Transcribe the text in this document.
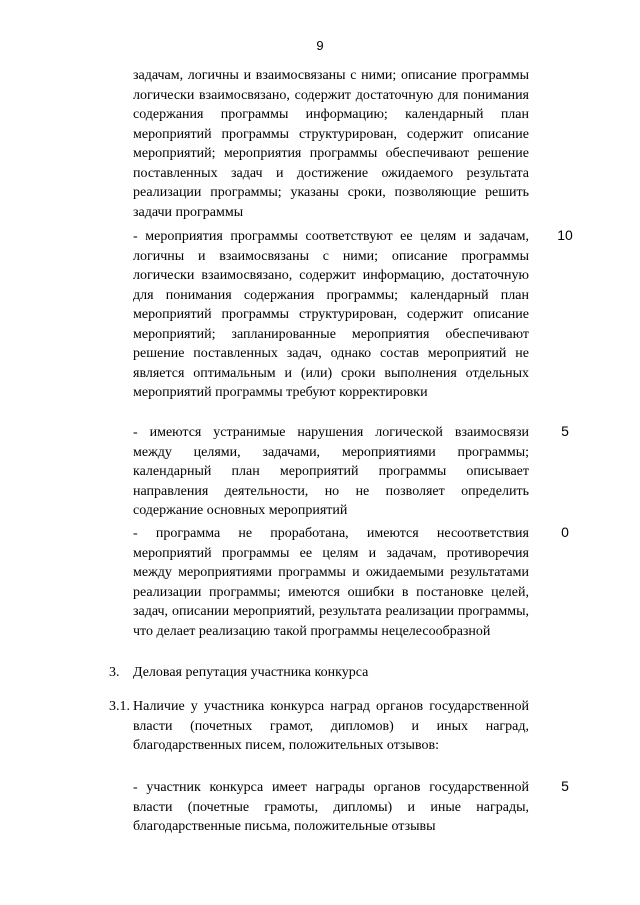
9
задачам, логичны и взаимосвязаны с ними; описание программы логически взаимосвязано, содержит достаточную для понимания содержания программы информацию; календарный план мероприятий программы структурирован, содержит описание мероприятий; мероприятия программы обеспечивают решение поставленных задач и достижение ожидаемого результата реализации программы; указаны сроки, позволяющие решить задачи программы
- мероприятия программы соответствуют ее целям и задачам, логичны и взаимосвязаны с ними; описание программы логически взаимосвязано, содержит информацию, достаточную для понимания содержания программы; календарный план мероприятий программы структурирован, содержит описание мероприятий; запланированные мероприятия обеспечивают решение поставленных задач, однако состав мероприятий не является оптимальным и (или) сроки выполнения отдельных мероприятий программы требуют корректировки
10
- имеются устранимые нарушения логической взаимосвязи между целями, задачами, мероприятиями программы; календарный план мероприятий программы описывает направления деятельности, но не позволяет определить содержание основных мероприятий
5
- программа не проработана, имеются несоответствия мероприятий программы ее целям и задачам, противоречия между мероприятиями программы и ожидаемыми результатами реализации программы; имеются ошибки в постановке целей, задач, описании мероприятий, результата реализации программы, что делает реализацию такой программы нецелесообразной
0
3. Деловая репутация участника конкурса
3.1. Наличие у участника конкурса наград органов государственной власти (почетных грамот, дипломов) и иных наград, благодарственных писем, положительных отзывов:
- участник конкурса имеет награды органов государственной власти (почетные грамоты, дипломы) и иные награды, благодарственные письма, положительные отзывы
5
